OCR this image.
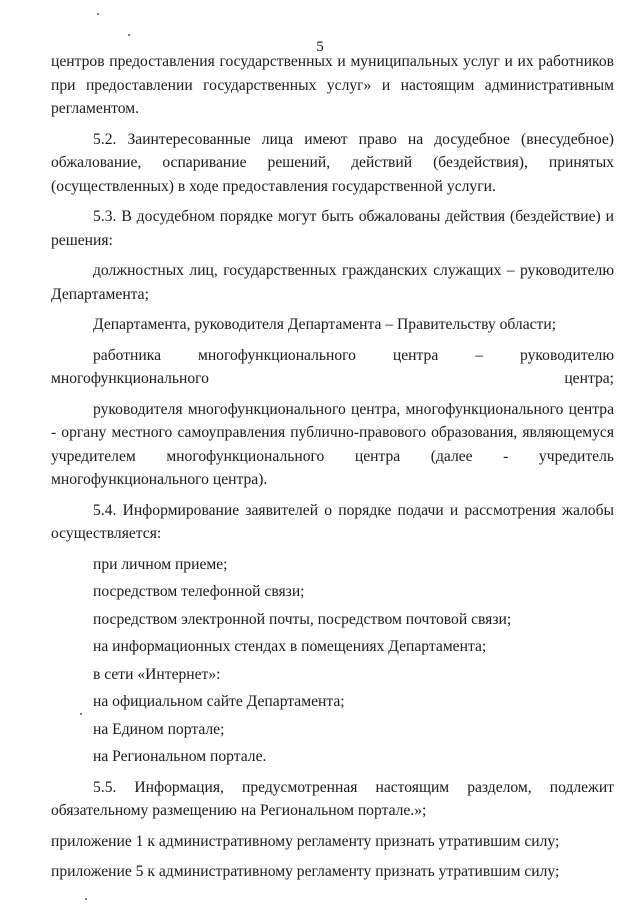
5

центров предоставления государственных и муниципальных услуг и их работников при предоставлении государственных услуг» и настоящим административным регламентом.

5.2. Заинтересованные лица имеют право на досудебное (внесудебное) обжалование, оспаривание решений, действий (бездействия), принятых (осуществленных) в ходе предоставления государственной услуги.

5.3. В досудебном порядке могут быть обжалованы действия (бездействие) и решения:

должностных лиц, государственных гражданских служащих – руководителю Департамента;

Департамента, руководителя Департамента – Правительству области;

работника многофункционального центра – руководителю многофункционального центра;

руководителя многофункционального центра, многофункционального центра - органу местного самоуправления публично-правового образования, являющемуся учредителем многофункционального центра (далее - учредитель многофункционального центра).

5.4. Информирование заявителей о порядке подачи и рассмотрения жалобы осуществляется:

при личном приеме;

посредством телефонной связи;

посредством электронной почты, посредством почтовой связи;

на информационных стендах в помещениях Департамента;

в сети «Интернет»:

на официальном сайте Департамента;

на Едином портале;

на Региональном портале.

5.5. Информация, предусмотренная настоящим разделом, подлежит обязательному размещению на Региональном портале.»;

приложение 1 к административному регламенту признать утратившим силу;

приложение 5 к административному регламенту признать утратившим силу;
